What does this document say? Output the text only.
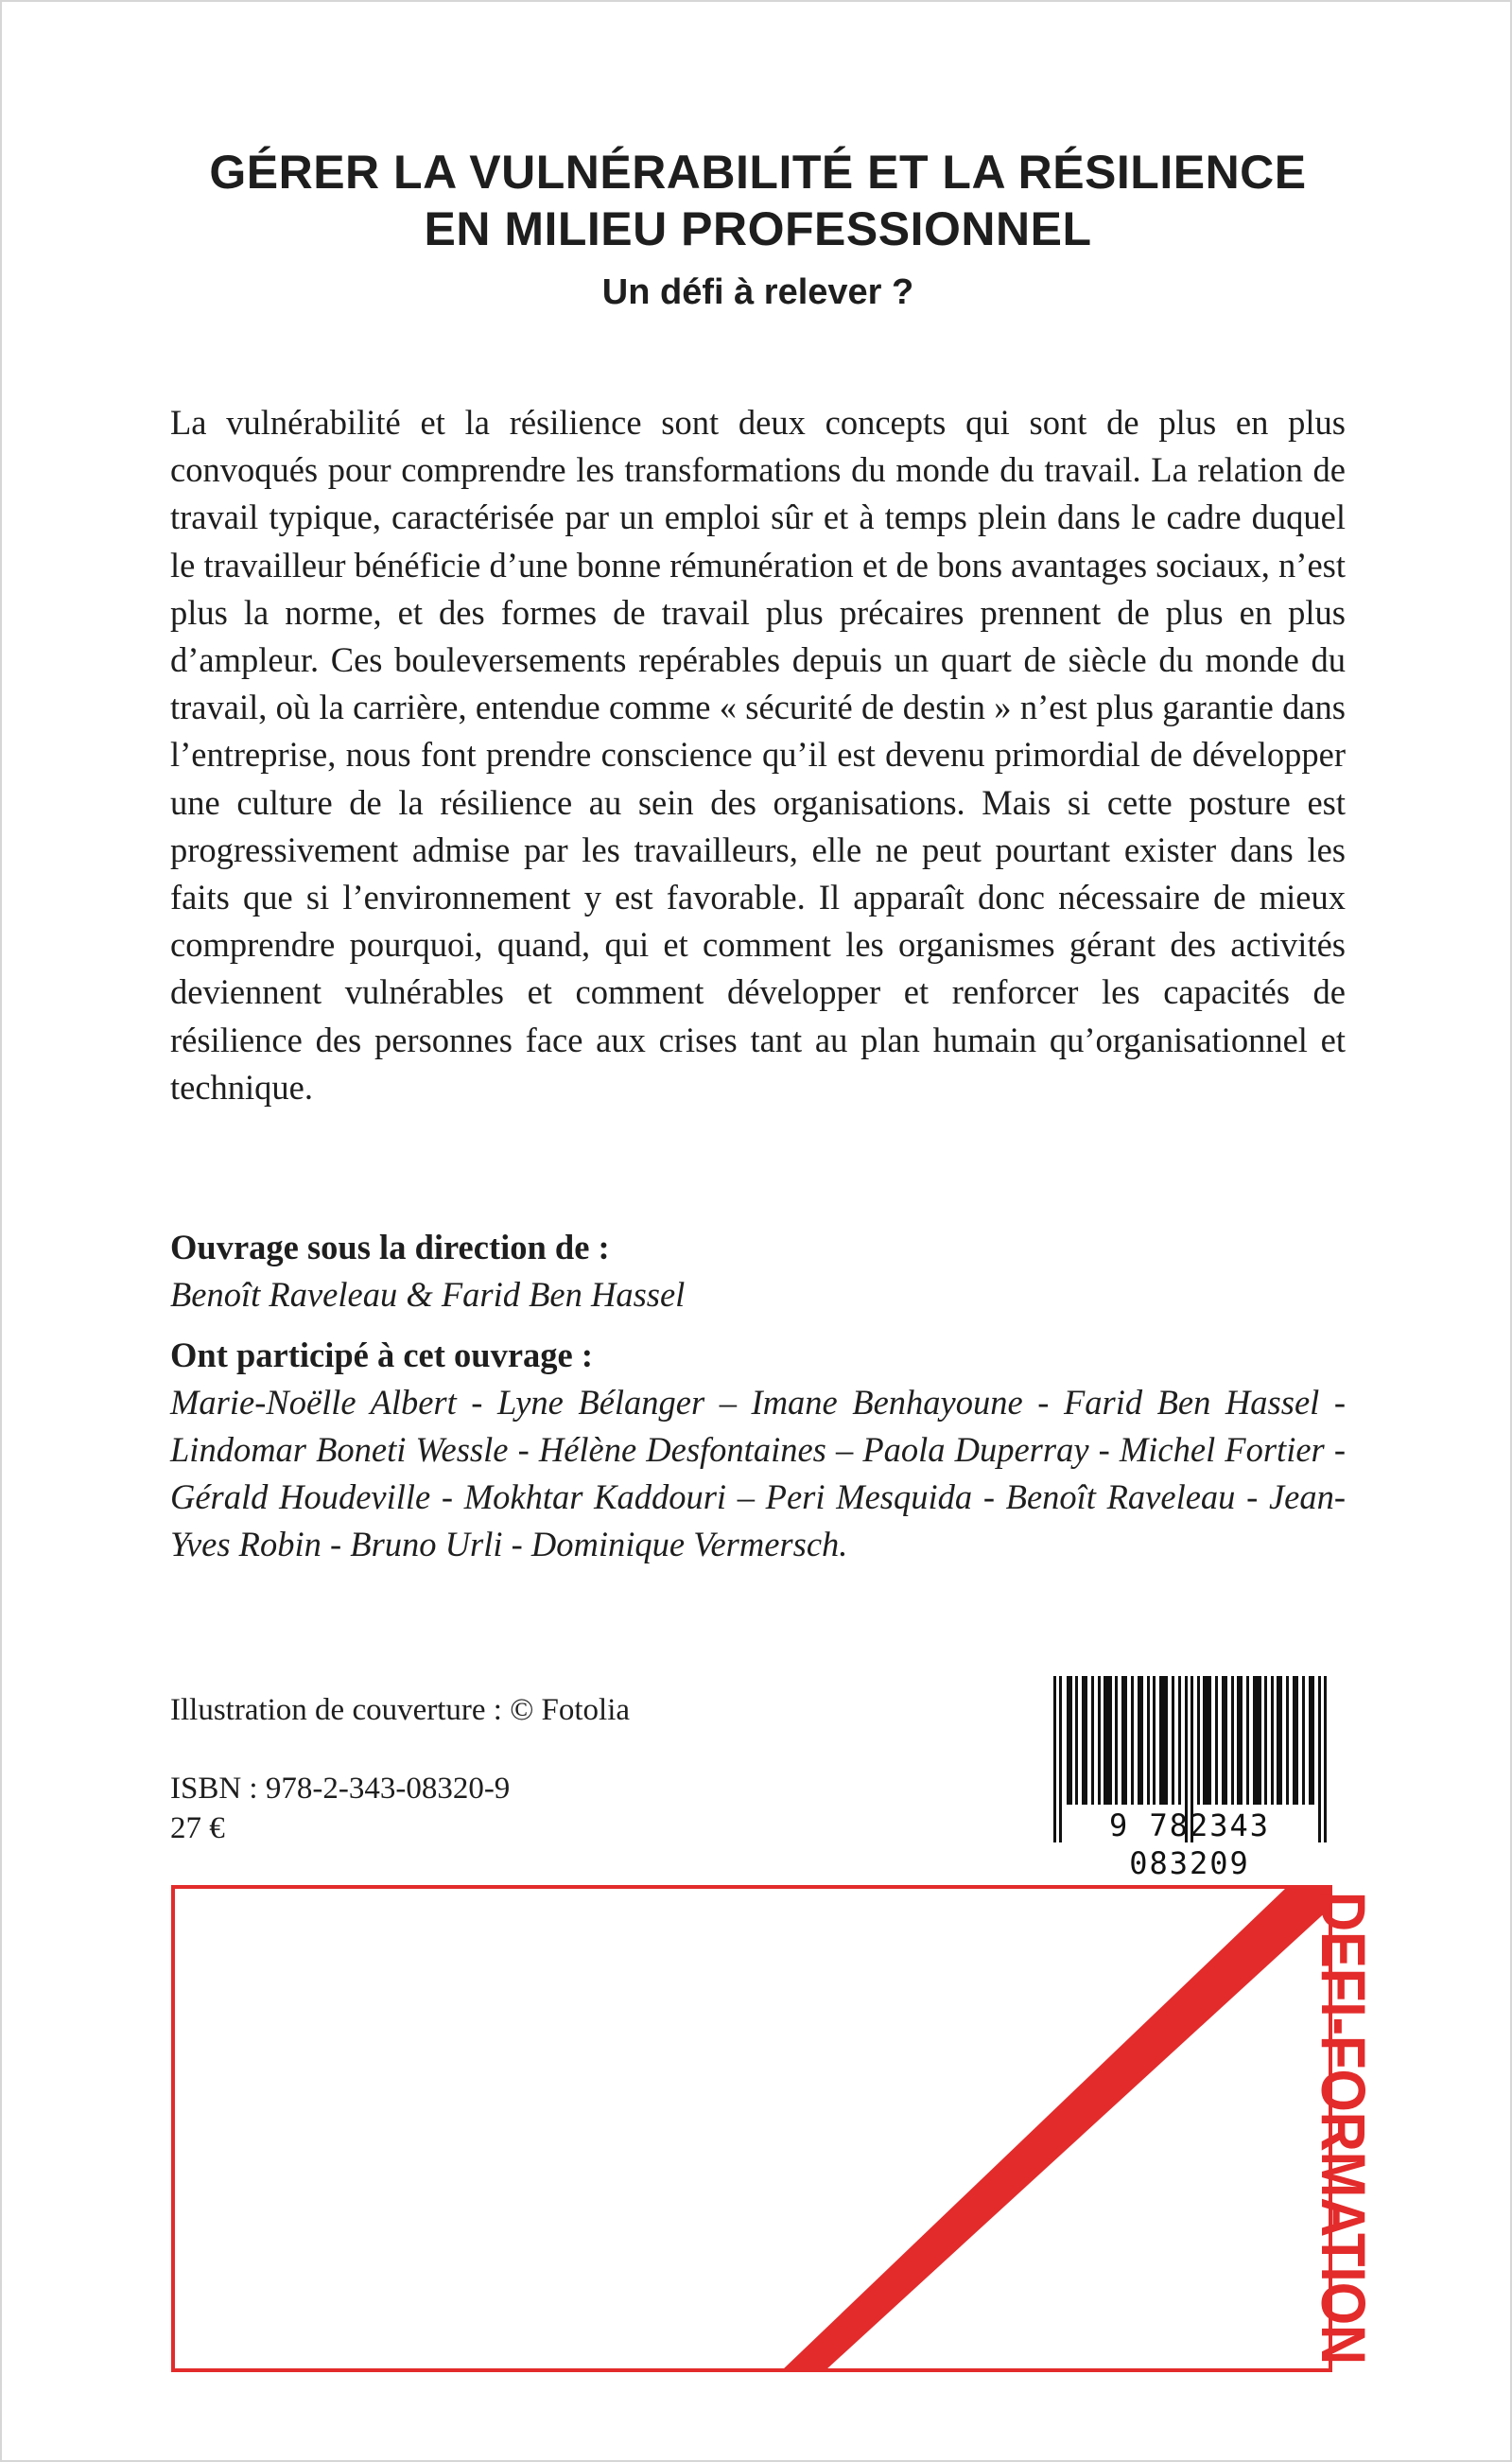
GÉRER LA VULNÉRABILITÉ ET LA RÉSILIENCE
EN MILIEU PROFESSIONNEL
Un défi à relever ?

La vulnérabilité et la résilience sont deux concepts qui sont de plus en plus convoqués pour comprendre les transformations du monde du travail. La relation de travail typique, caractérisée par un emploi sûr et à temps plein dans le cadre duquel le travailleur bénéficie d’une bonne rémunération et de bons avantages sociaux, n’est plus la norme, et des formes de travail plus précaires prennent de plus en plus d’ampleur. Ces bouleversements repérables depuis un quart de siècle du monde du travail, où la carrière, entendue comme « sécurité de destin » n’est plus garantie dans l’entreprise, nous font prendre conscience qu’il est devenu primordial de développer une culture de la résilience au sein des organisations. Mais si cette posture est progressivement admise par les travailleurs, elle ne peut pourtant exister dans les faits que si l’environnement y est favorable. Il apparaît donc nécessaire de mieux comprendre pourquoi, quand, qui et comment les organismes gérant des activités deviennent vulnérables et comment développer et renforcer les capacités de résilience des personnes face aux crises tant au plan humain qu’organisationnel et technique.

Ouvrage sous la direction de :
Benoît Raveleau & Farid Ben Hassel
Ont participé à cet ouvrage :
Marie-Noëlle Albert - Lyne Bélanger – Imane Benhayoune - Farid Ben Hassel - Lindomar Boneti Wessle - Hélène Desfontaines – Paola Duperray - Michel Fortier - Gérald Houdeville - Mokhtar Kaddouri – Peri Mesquida - Benoît Raveleau - Jean-Yves Robin - Bruno Urli - Dominique Vermersch.
Illustration de couverture : © Fotolia
ISBN : 978-2-343-08320-9
27 €	9 782343 083209
DEFI-FORMATION
